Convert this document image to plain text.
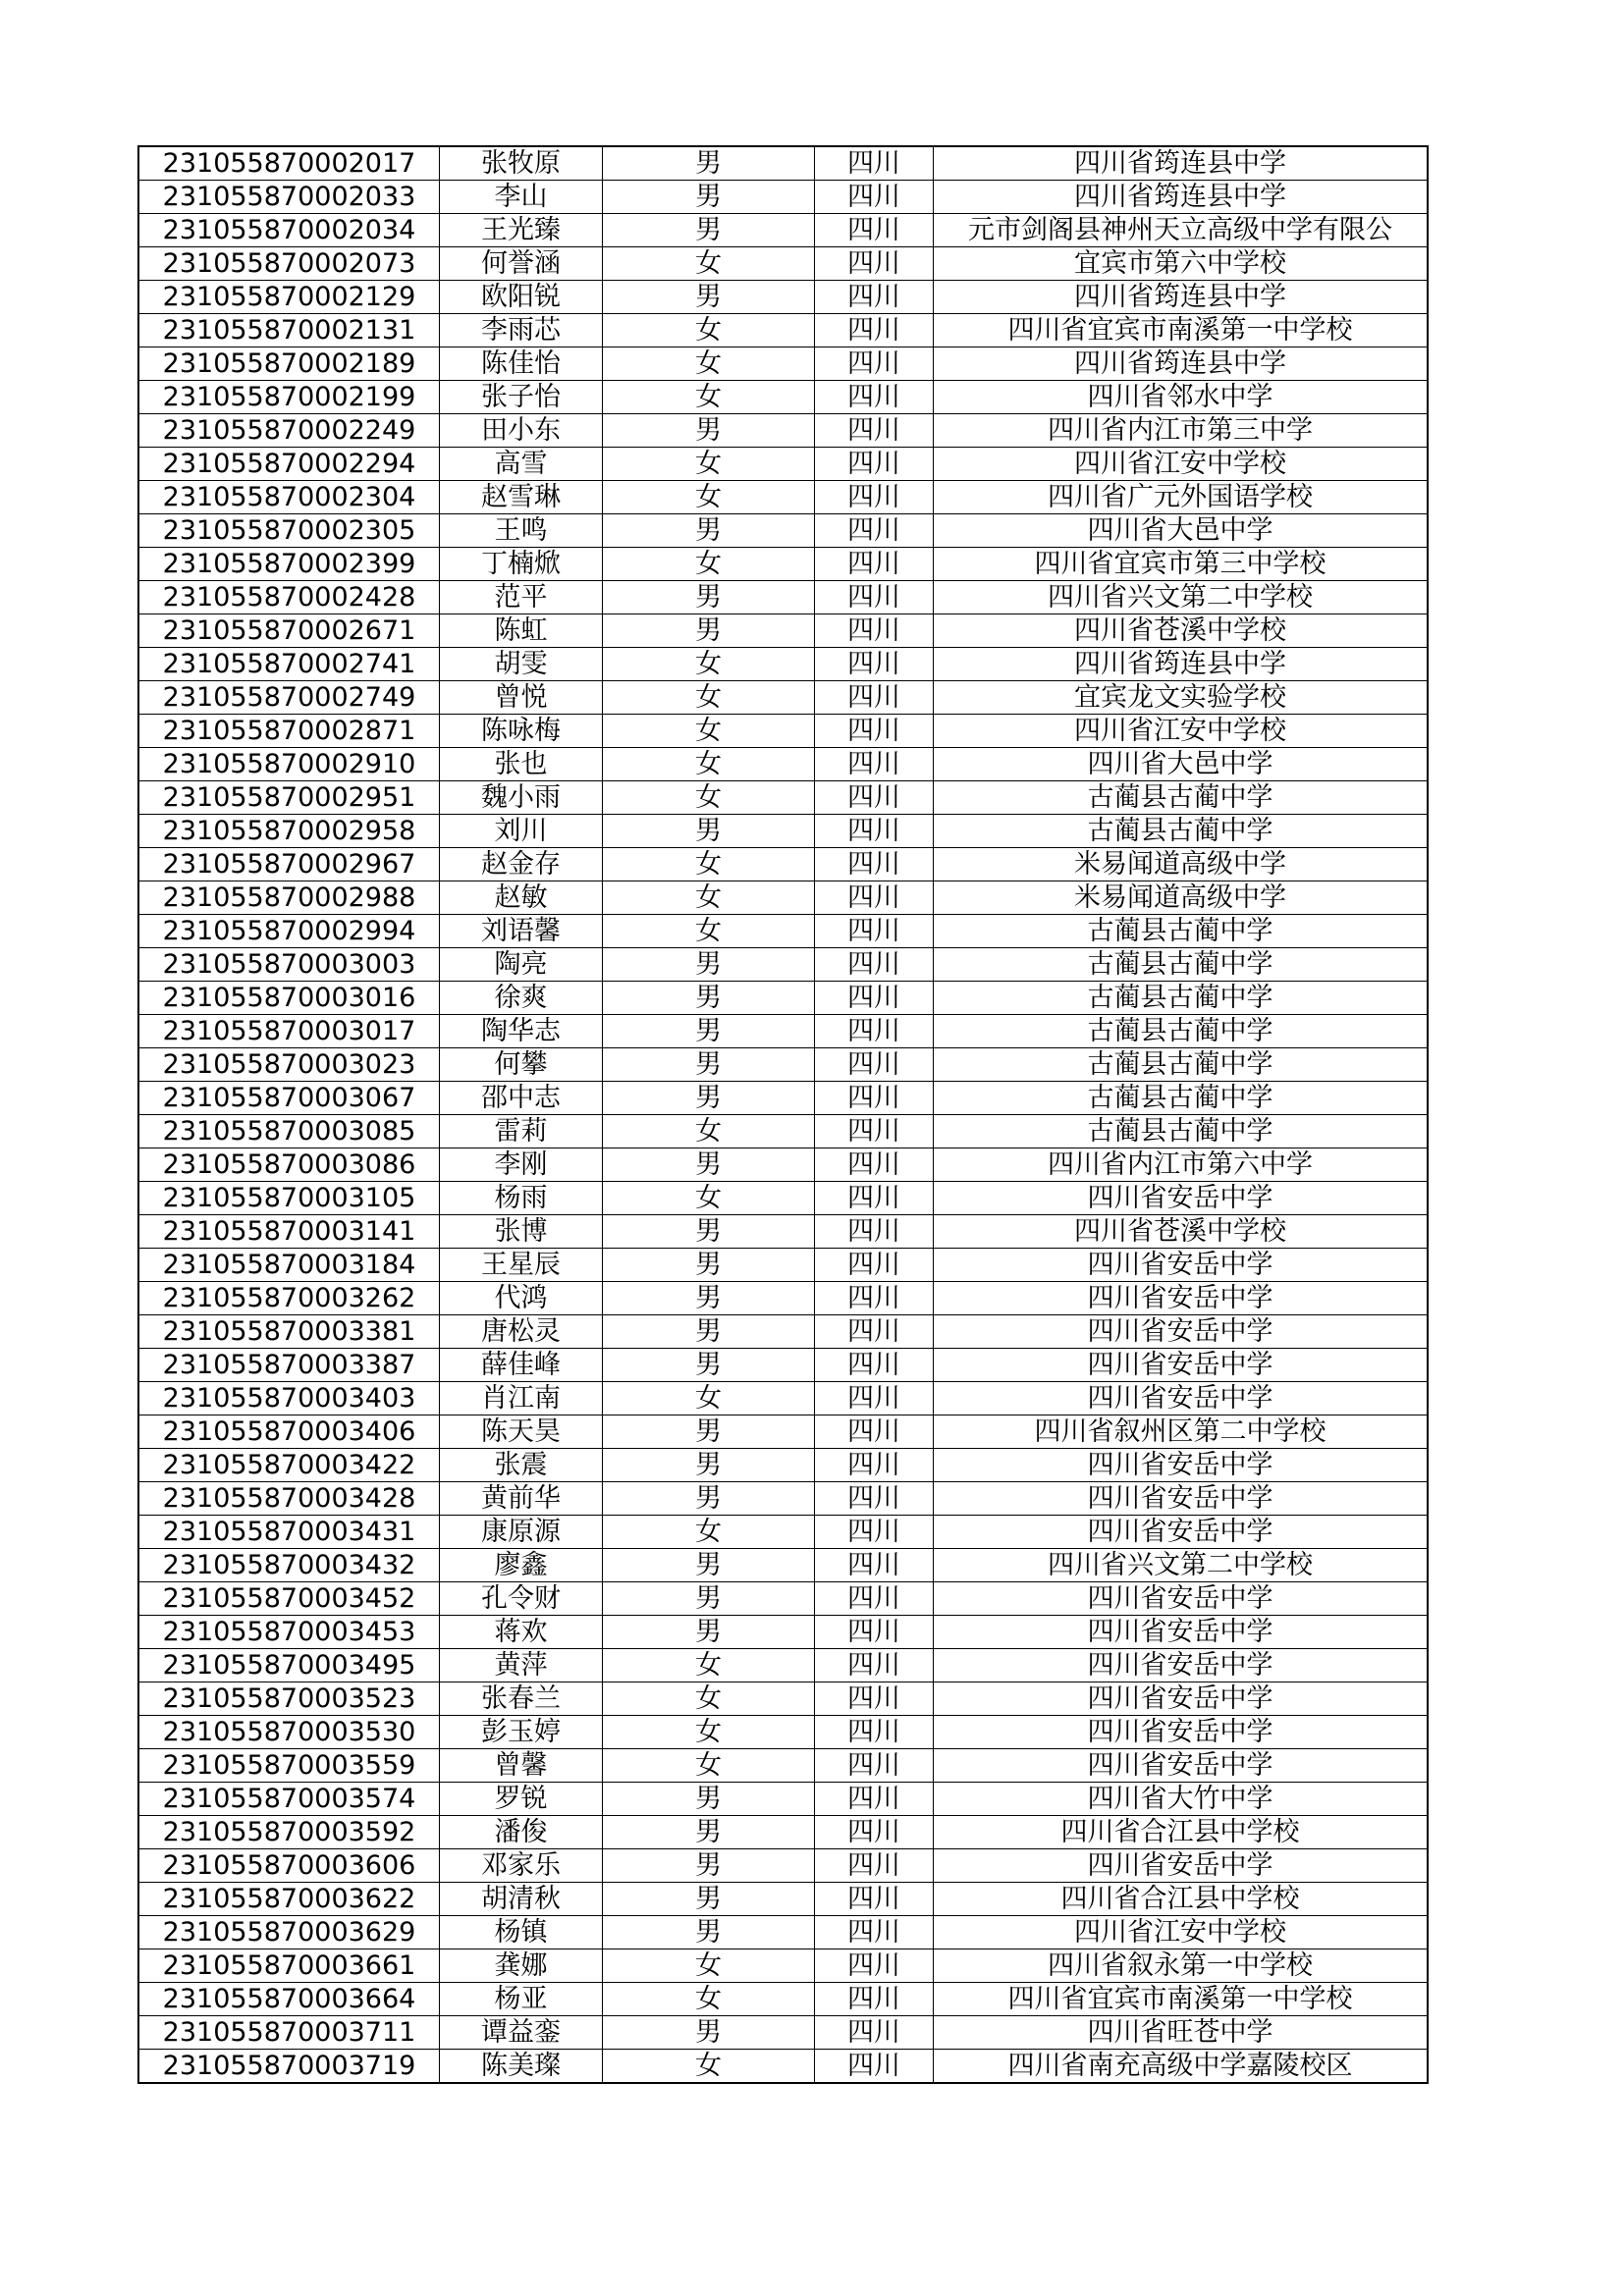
231055870002017	张牧原	男	四川	四川省筠连县中学
231055870002033	李山	男	四川	四川省筠连县中学
231055870002034	王光臻	男	四川	元市剑阁县神州天立高级中学有限公
231055870002073	何誉涵	女	四川	宜宾市第六中学校
231055870002129	欧阳锐	男	四川	四川省筠连县中学
231055870002131	李雨芯	女	四川	四川省宜宾市南溪第一中学校
231055870002189	陈佳怡	女	四川	四川省筠连县中学
231055870002199	张子怡	女	四川	四川省邻水中学
231055870002249	田小东	男	四川	四川省内江市第三中学
231055870002294	高雪	女	四川	四川省江安中学校
231055870002304	赵雪琳	女	四川	四川省广元外国语学校
231055870002305	王鸣	男	四川	四川省大邑中学
231055870002399	丁楠焮	女	四川	四川省宜宾市第三中学校
231055870002428	范平	男	四川	四川省兴文第二中学校
231055870002671	陈虹	男	四川	四川省苍溪中学校
231055870002741	胡雯	女	四川	四川省筠连县中学
231055870002749	曾悦	女	四川	宜宾龙文实验学校
231055870002871	陈咏梅	女	四川	四川省江安中学校
231055870002910	张也	女	四川	四川省大邑中学
231055870002951	魏小雨	女	四川	古蔺县古蔺中学
231055870002958	刘川	男	四川	古蔺县古蔺中学
231055870002967	赵金存	女	四川	米易闻道高级中学
231055870002988	赵敏	女	四川	米易闻道高级中学
231055870002994	刘语馨	女	四川	古蔺县古蔺中学
231055870003003	陶亮	男	四川	古蔺县古蔺中学
231055870003016	徐爽	男	四川	古蔺县古蔺中学
231055870003017	陶华志	男	四川	古蔺县古蔺中学
231055870003023	何攀	男	四川	古蔺县古蔺中学
231055870003067	邵中志	男	四川	古蔺县古蔺中学
231055870003085	雷莉	女	四川	古蔺县古蔺中学
231055870003086	李刚	男	四川	四川省内江市第六中学
231055870003105	杨雨	女	四川	四川省安岳中学
231055870003141	张博	男	四川	四川省苍溪中学校
231055870003184	王星辰	男	四川	四川省安岳中学
231055870003262	代鸿	男	四川	四川省安岳中学
231055870003381	唐松灵	男	四川	四川省安岳中学
231055870003387	薛佳峰	男	四川	四川省安岳中学
231055870003403	肖江南	女	四川	四川省安岳中学
231055870003406	陈天昊	男	四川	四川省叙州区第二中学校
231055870003422	张震	男	四川	四川省安岳中学
231055870003428	黄前华	男	四川	四川省安岳中学
231055870003431	康原源	女	四川	四川省安岳中学
231055870003432	廖鑫	男	四川	四川省兴文第二中学校
231055870003452	孔令财	男	四川	四川省安岳中学
231055870003453	蒋欢	男	四川	四川省安岳中学
231055870003495	黄萍	女	四川	四川省安岳中学
231055870003523	张春兰	女	四川	四川省安岳中学
231055870003530	彭玉婷	女	四川	四川省安岳中学
231055870003559	曾馨	女	四川	四川省安岳中学
231055870003574	罗锐	男	四川	四川省大竹中学
231055870003592	潘俊	男	四川	四川省合江县中学校
231055870003606	邓家乐	男	四川	四川省安岳中学
231055870003622	胡清秋	男	四川	四川省合江县中学校
231055870003629	杨镇	男	四川	四川省江安中学校
231055870003661	龚娜	女	四川	四川省叙永第一中学校
231055870003664	杨亚	女	四川	四川省宜宾市南溪第一中学校
231055870003711	谭益銮	男	四川	四川省旺苍中学
231055870003719	陈美璨	女	四川	四川省南充高级中学嘉陵校区
